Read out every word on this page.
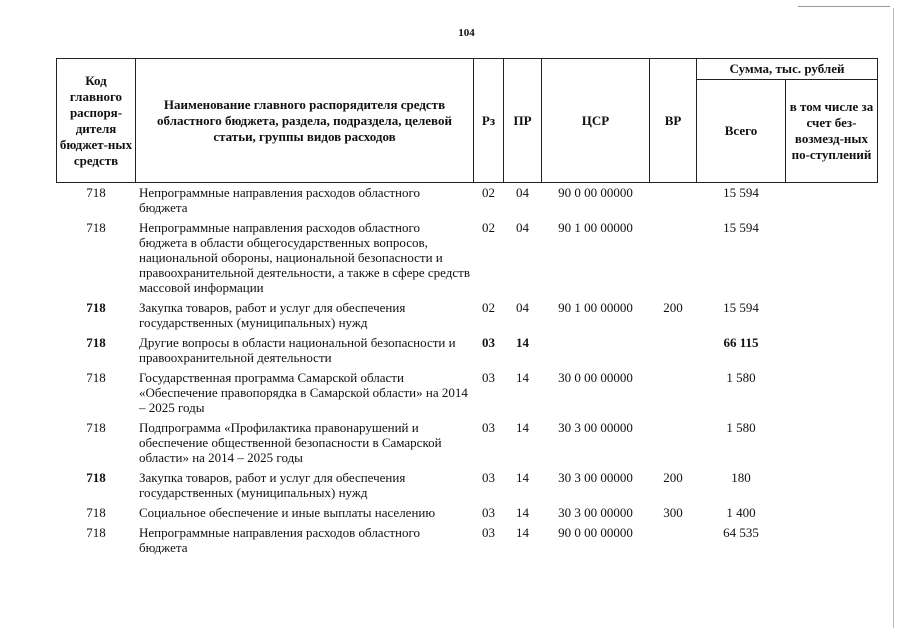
104
Код главного распоря-дителя бюджет-ных средств	Наименование главного распорядителя средств областного бюджета, раздела, подраздела, целевой статьи, группы видов расходов	Рз	ПР	ЦСР	ВР	Сумма, тыс. рублей	
						Всего	в том числе за счет без-возмезд-ных по-ступлений
718	Непрограммные направления расходов областного бюджета	02	04	90 0 00 00000		15 594	
718	Непрограммные направления расходов областного бюджета в области общегосударственных вопросов, национальной обороны, национальной безопасности и правоохранительной деятельности, а также в сфере средств массовой информации	02	04	90 1 00 00000		15 594	
718	Закупка товаров, работ и услуг для обеспечения государственных (муниципальных) нужд	02	04	90 1 00 00000	200	15 594	
718	Другие вопросы в области национальной безопасности и правоохранительной деятельности	03	14			66 115	
718	Государственная программа Самарской области «Обеспечение правопорядка в Самарской области» на 2014 – 2025 годы	03	14	30 0 00 00000		1 580	
718	Подпрограмма «Профилактика правонарушений и обеспечение общественной безопасности в Самарской области» на 2014 – 2025 годы	03	14	30 3 00 00000		1 580	
718	Закупка товаров, работ и услуг для обеспечения государственных (муниципальных) нужд	03	14	30 3 00 00000	200	180	
718	Социальное обеспечение и иные выплаты населению	03	14	30 3 00 00000	300	1 400	
718	Непрограммные направления расходов областного бюджета	03	14	90 0 00 00000		64 535	
